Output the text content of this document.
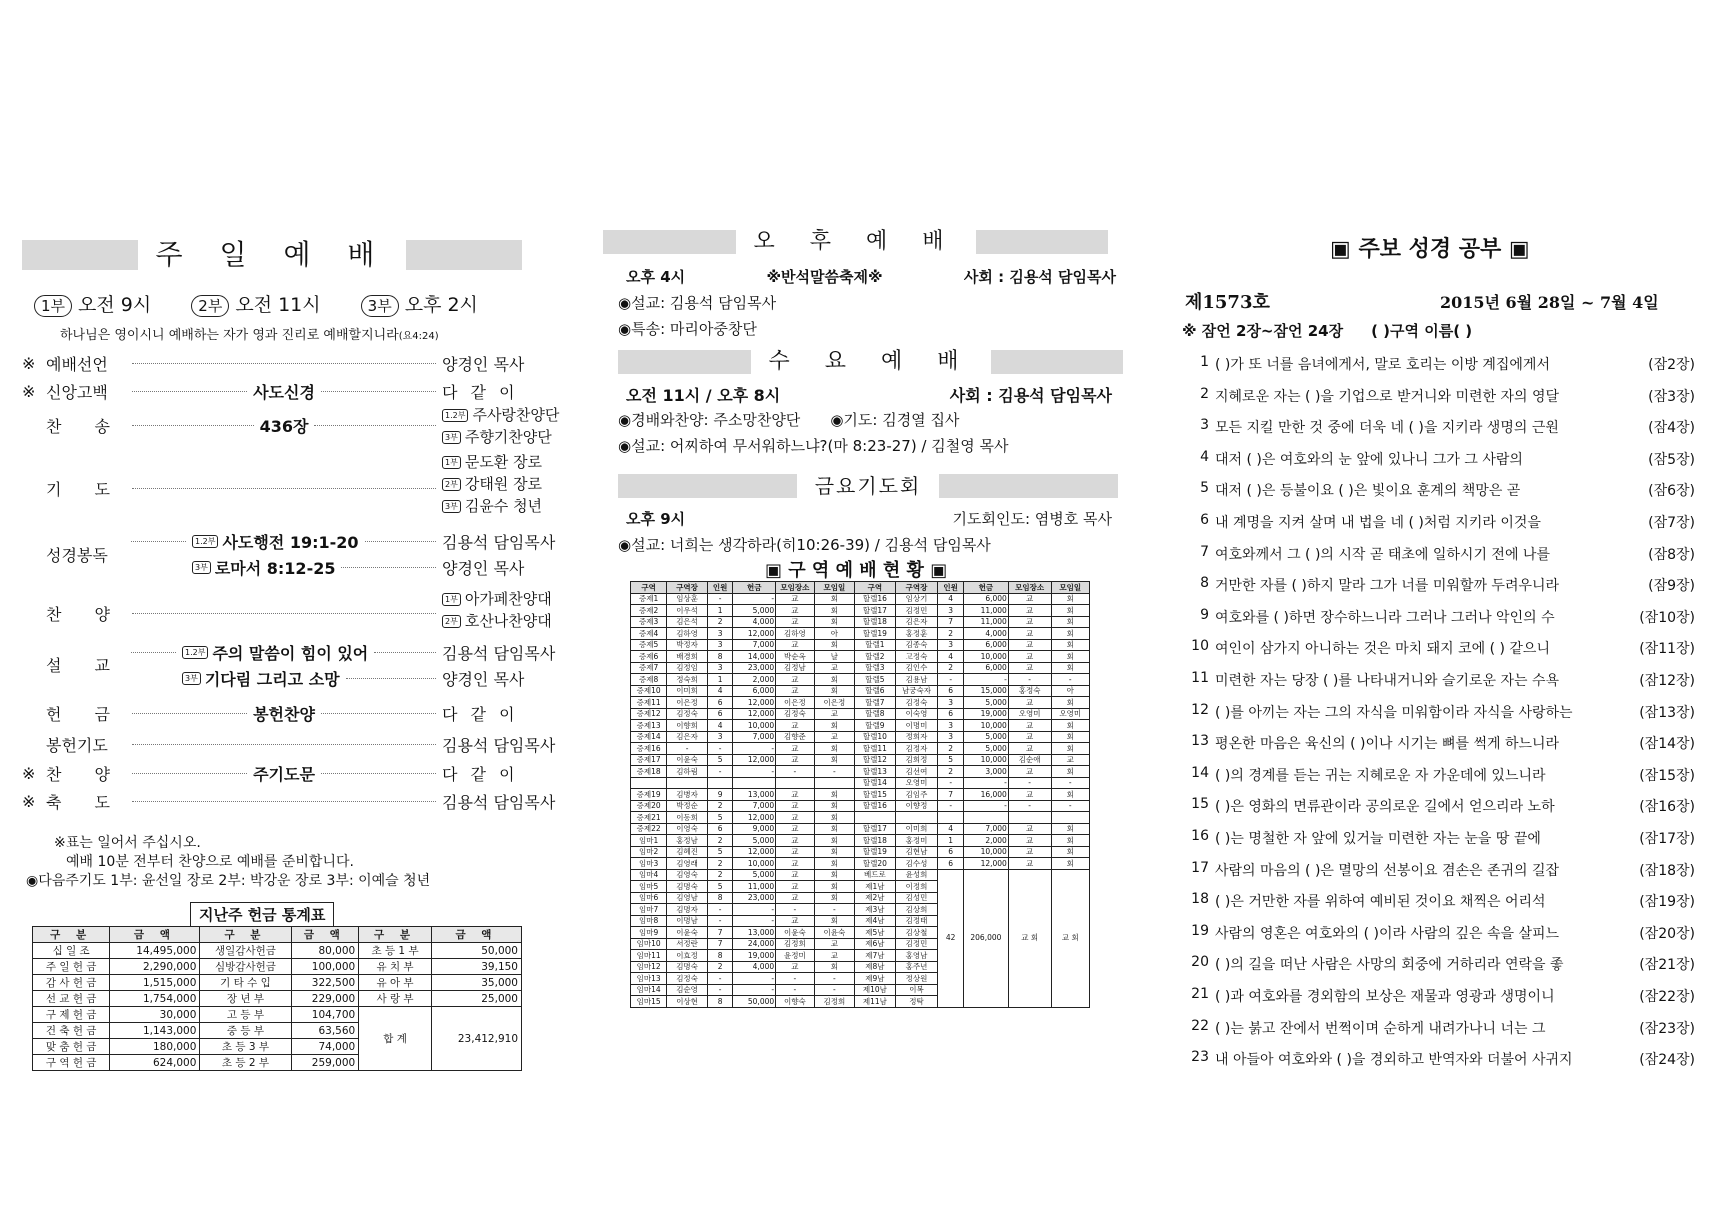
주 일 예 배
1부 오전 9시	2부 오전 11시	3부 오후 2시
하나님은 영이시니 예배하는 자가 영과 진리로 예배할지니라(요4:24)
※ 예배선언	양경인 목사
※ 신앙고백	사도신경	다 같 이
찬 송	436장
1.2부 주사랑찬양단
3부 주향기찬양단
기 도
1부 문도환 장로
2부 강태원 장로
3부 김윤수 청년
성경봉독
1.2부 사도행전 19:1-20	김용석 담임목사
3부 로마서 8:12-25	양경인 목사
찬 양
1부 아가페찬양대
2부 호산나찬양대
설 교
1.2부 주의 말씀이 힘이 있어	김용석 담임목사
3부 기다림 그리고 소망	양경인 목사
헌 금	봉헌찬양	다 같 이
봉헌기도	김용석 담임목사
※ 찬 양	주기도문	다 같 이
※ 축 도	김용석 담임목사
※표는 일어서 주십시오.
예배 10분 전부터 찬양으로 예배를 준비합니다.
◉다음주기도 1부: 윤선일 장로 2부: 박강운 장로 3부: 이예슬 청년
지난주 헌금 통계표
구 분	금 액	구 분	금 액	구 분	금 액
십 일 조	14,495,000	생일감사헌금	80,000	초 등 1 부	50,000
주 일 헌 금	2,290,000	심방감사헌금	100,000	유 치 부	39,150
감 사 헌 금	1,515,000	기 타 수 입	322,500	유 아 부	35,000
선 교 헌 금	1,754,000	장 년 부	229,000	사 랑 부	25,000
구 제 헌 금	30,000	고 등 부	104,700	합 계	23,412,910
건 축 헌 금	1,143,000	중 등 부	63,560		
맞 춤 헌 금	180,000	초 등 3 부	74,000		
구 역 헌 금	624,000	초 등 2 부	259,000		
오 후 예 배
오후 4시	※반석말씀축제※	사회 : 김용석 담임목사
◉설교: 김용석 담임목사
◉특송: 마리아중창단
수 요 예 배
오전 11시 / 오후 8시	사회 : 김용석 담임목사
◉경배와찬양: 주소망찬양단 ◉기도: 김경열 집사
◉설교: 어찌하여 무서워하느냐?(마 8:23-27) / 김철영 목사
금요기도회
오후 9시	기도회인도: 염병호 목사
◉설교: 너희는 생각하라(히10:26-39) / 김용석 담임목사
▣ 구 역 예 배 현 황 ▣
구역	구역장	인원	헌금	모임장소	모임일	구역	구역장	인원	헌금	모임장소	모임일
증제1	임상훈	-	-	교	회	할렐16	임상기	4	6,000	교	회
증제2	이우석	1	5,000	교	회	할렐17	김정민	3	11,000	교	회
증제3	김은석	2	4,000	교	회	할렐18	김은자	7	11,000	교	회
증제4	김하영	3	12,000	김하영	아	할렐19	홍정훈	2	4,000	교	회
증제5	박정자	3	7,000	교	회	할렐1	김종숙	3	6,000	교	회
증제6	배경희	8	14,000	박순옥	날	할렐2	고정숙	4	10,000	교	회
증제7	김정임	3	23,000	김정남	교	할렐3	김인수	2	6,000	교	회
증제8	정숙희	1	2,000	교	회	할렐5	김용남	-	-	-	-
증제10	이미희	4	6,000	교	회	할렐6	남궁숙자	6	15,000	홍정숙	아
증제11	이은정	6	12,000	이은정	이은정	할렐7	김정숙	3	5,000	교	회
증제12	김정숙	6	12,000	김정숙	교	할렐8	이숙영	6	19,000	오영미	오영미
증제13	이향희	4	10,000	교	회	할렐9	이명미	3	10,000	교	회
증제14	김은자	3	7,000	김향준	교	할렐10	정희자	3	5,000	교	회
증제16	-	-	-	교	회	할렐11	김정자	2	5,000	교	회
증제17	이윤숙	5	12,000	교	회	할렐12	김희정	5	10,000	김순애	교
증제18	김하림	-	-	-	-	할렐13	김선여	2	3,000	교	회
						할렐14	오영미	-	-	-	-
증제19	김병자	9	13,000	교	회	할렐15	김임주	7	16,000	교	회
증제20	박정순	2	7,000	교	회	할렐16	이향정	-	-	-	-
증제21	이동희	5	12,000	교	회						
증제22	이영숙	6	9,000	교	회	할렐17	이미희	4	7,000	교	회
임마1	홍정남	2	5,000	교	회	할렐18	홍정미	1	2,000	교	회
임마2	김혜진	5	12,000	교	회	할렐19	김현남	6	10,000	교	회
임마3	김영래	2	10,000	교	회	할렐20	김수성	6	12,000	교	회
임마4	김영숙	2	5,000	교	회	베드로	윤성희	42	206,000	교 회	교 회
임마5	김명숙	5	11,000	교	회	제1남	이정희				
임마6	김영남	8	23,000	교	회	제2남	김성민				
임마7	김명자	-	-	-	-	제3남	김상희				
임마8	이명남	-	-	교	회	제4남	김정태				
임마9	이윤숙	7	13,000	이윤숙	이윤숙	제5남	김상철				
임마10	서정란	7	24,000	김정희	교	제6남	김정민				
임마11	이효정	8	19,000	윤정미	교	제7남	홍영남				
임마12	김명숙	2	4,000	교	회	제8남	홍주년				
임마13	김정숙	-	-	-	-	제9남	정상원				
임마14	김순영	-	-	-	-	제10남	이복				
임마15	이상현	8	50,000	이향숙	김정희	제11남	정탁				
▣ 주보 성경 공부 ▣
제1573호	2015년 6월 28일 ~ 7월 4일
※ 잠언 2장~잠언 24장 ( )구역 이름( )
1 ( )가 또 너를 음녀에게서, 말로 호리는 이방 계집에게서	(잠2장)
2 지혜로운 자는 ( )을 기업으로 받거니와 미련한 자의 영달	(잠3장)
3 모든 지킬 만한 것 중에 더욱 네 ( )을 지키라 생명의 근원	(잠4장)
4 대저 ( )은 여호와의 눈 앞에 있나니 그가 그 사람의	(잠5장)
5 대저 ( )은 등불이요 ( )은 빛이요 훈계의 책망은 곧	(잠6장)
6 내 계명을 지켜 살며 내 법을 네 ( )처럼 지키라 이것을	(잠7장)
7 여호와께서 그 ( )의 시작 곧 태초에 일하시기 전에 나를	(잠8장)
8 거만한 자를 ( )하지 말라 그가 너를 미워할까 두려우니라	(잠9장)
9 여호와를 ( )하면 장수하느니라 그러나 그러나 악인의 수	(잠10장)
10 여인이 삼가지 아니하는 것은 마치 돼지 코에 ( ) 같으니	(잠11장)
11 미련한 자는 당장 ( )를 나타내거니와 슬기로운 자는 수욕	(잠12장)
12 ( )를 아끼는 자는 그의 자식을 미워함이라 자식을 사랑하는	(잠13장)
13 평온한 마음은 육신의 ( )이나 시기는 뼈를 썩게 하느니라	(잠14장)
14 ( )의 경계를 듣는 귀는 지혜로운 자 가운데에 있느니라	(잠15장)
15 ( )은 영화의 면류관이라 공의로운 길에서 얻으리라 노하	(잠16장)
16 ( )는 명철한 자 앞에 있거늘 미련한 자는 눈을 땅 끝에	(잠17장)
17 사람의 마음의 ( )은 멸망의 선봉이요 겸손은 존귀의 길잡	(잠18장)
18 ( )은 거만한 자를 위하여 예비된 것이요 채찍은 어리석	(잠19장)
19 사람의 영혼은 여호와의 ( )이라 사람의 깊은 속을 살피느	(잠20장)
20 ( )의 길을 떠난 사람은 사망의 회중에 거하리라 연락을 좋	(잠21장)
21 ( )과 여호와를 경외함의 보상은 재물과 영광과 생명이니	(잠22장)
22 ( )는 붉고 잔에서 번쩍이며 순하게 내려가나니 너는 그	(잠23장)
23 내 아들아 여호와와 ( )을 경외하고 반역자와 더불어 사귀지	(잠24장)
